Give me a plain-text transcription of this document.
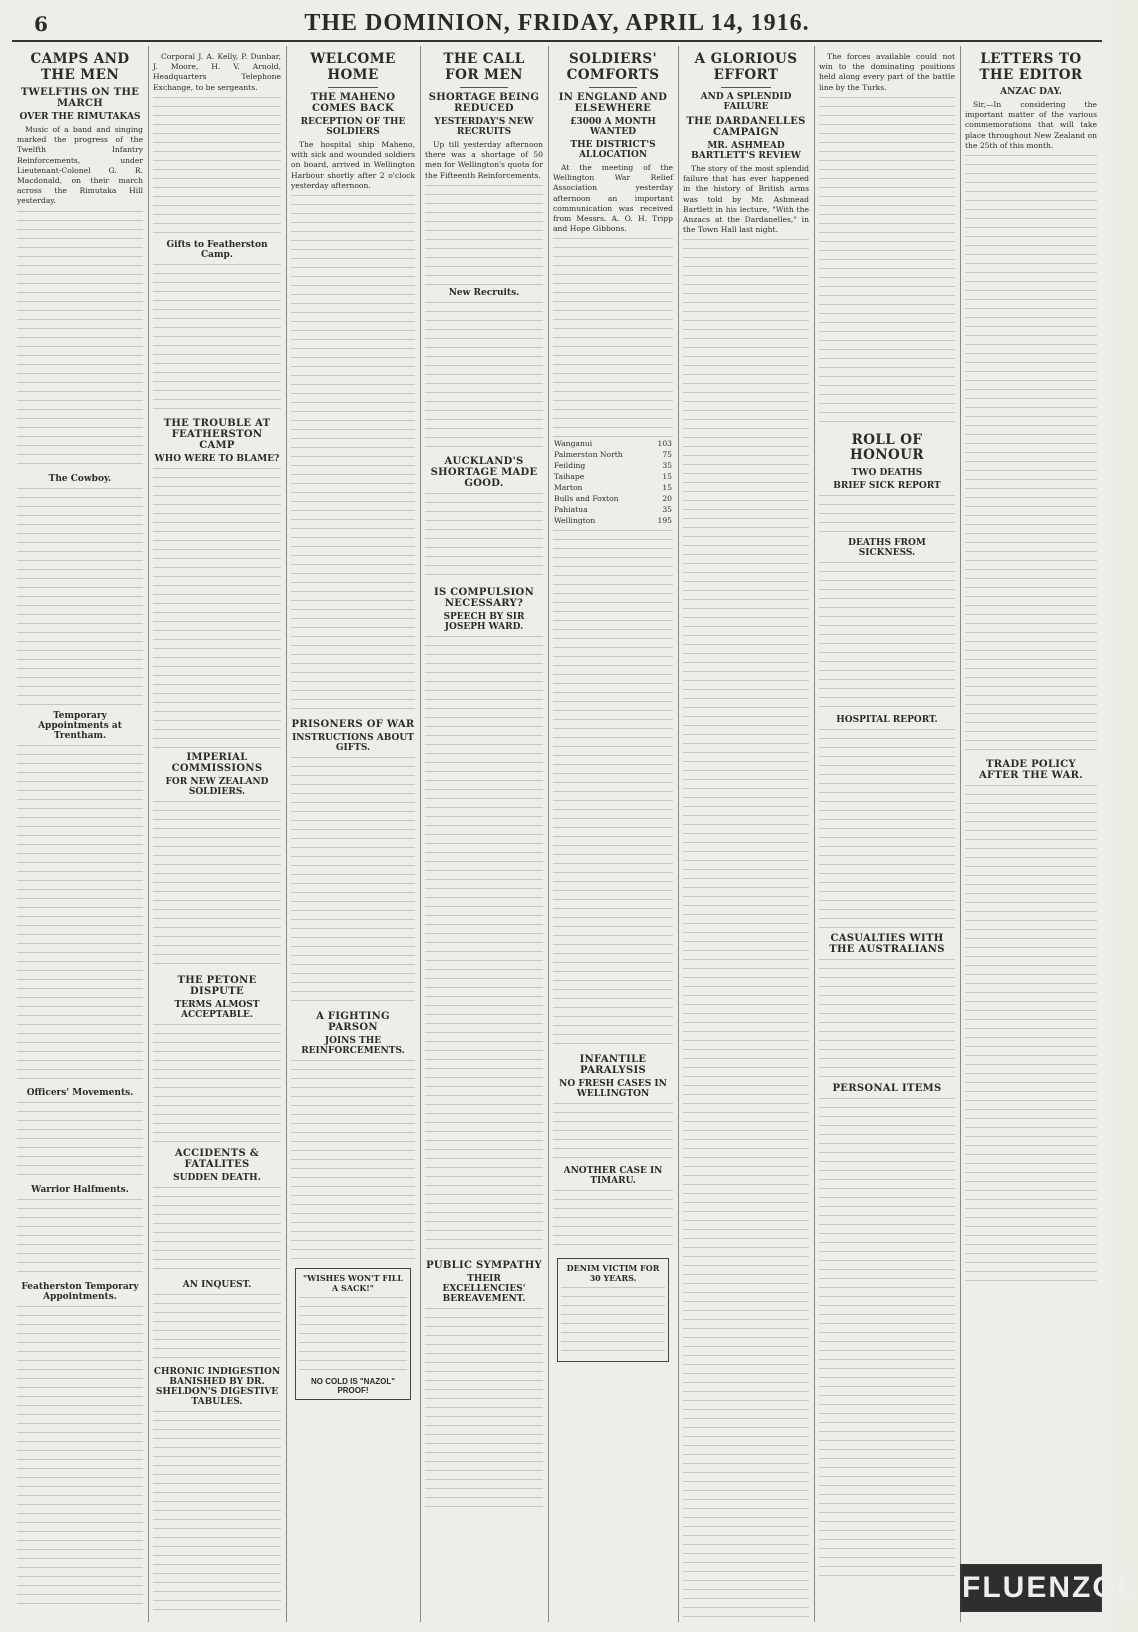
6	THE DOMINION, FRIDAY, APRIL 14, 1916.
CAMPS AND THE MEN
TWELFTHS ON THE MARCH
OVER THE RIMUTAKAS
Music of a band and singing marked the progress of the Twelfth Infantry Reinforcements, under Lieutenant-Colonel G. R. Macdonald, on their march across the Rimutaka Hill yesterday.
The Cowboy.
Temporary Appointments at Trentham.
Officers' Movements.
Warrior Halfments.
Featherston Temporary Appointments.
Corporal J. A. Kelly, P. Dunbar, J. Moore, H. V. Arnold, Headquarters Telephone Exchange, to be sergeants.
Gifts to Featherston Camp.
THE TROUBLE AT FEATHERSTON CAMP
WHO WERE TO BLAME?
IMPERIAL COMMISSIONS
FOR NEW ZEALAND SOLDIERS.
THE PETONE DISPUTE
TERMS ALMOST ACCEPTABLE.
ACCIDENTS & FATALITES
SUDDEN DEATH.
AN INQUEST.
CHRONIC INDIGESTION BANISHED BY DR. SHELDON'S DIGESTIVE TABULES.
WELCOME HOME
THE MAHENO COMES BACK
RECEPTION OF THE SOLDIERS
The hospital ship Maheno, with sick and wounded soldiers on board, arrived in Wellington Harbour shortly after 2 o'clock yesterday afternoon.
PRISONERS OF WAR
INSTRUCTIONS ABOUT GIFTS.
A FIGHTING PARSON
JOINS THE REINFORCEMENTS.
"WISHES WON'T FILL A SACK!"
NO COLD IS "NAZOL" PROOF!
THE CALL FOR MEN
SHORTAGE BEING REDUCED
YESTERDAY'S NEW RECRUITS
Up till yesterday afternoon there was a shortage of 50 men for Wellington's quota for the Fifteenth Reinforcements.
New Recruits.
AUCKLAND'S SHORTAGE MADE GOOD.
IS COMPULSION NECESSARY?
SPEECH BY SIR JOSEPH WARD.
PUBLIC SYMPATHY
THEIR EXCELLENCIES' BEREAVEMENT.
SOLDIERS' COMFORTS
IN ENGLAND AND ELSEWHERE
£3000 A MONTH WANTED
THE DISTRICT'S ALLOCATION
At the meeting of the Wellington War Relief Association yesterday afternoon an important communication was received from Messrs. A. O. H. Tripp and Hope Gibbons.
Wanganui	103
Palmerston North	75
Feilding	35
Taihape	15
Marton	15
Bulls and Foxton	20
Pahiatua	35
Wellington	195
INFANTILE PARALYSIS
NO FRESH CASES IN WELLINGTON
ANOTHER CASE IN TIMARU.
DENIM VICTIM FOR 30 YEARS.
A GLORIOUS EFFORT
AND A SPLENDID FAILURE
THE DARDANELLES CAMPAIGN
MR. ASHMEAD BARTLETT'S REVIEW
The story of the most splendid failure that has ever happened in the history of British arms was told by Mr. Ashmead Bartlett in his lecture, "With the Anzacs at the Dardanelles," in the Town Hall last night.
The forces available could not win to the dominating positions held along every part of the battle line by the Turks.
ROLL OF HONOUR
TWO DEATHS
BRIEF SICK REPORT
DEATHS FROM SICKNESS.
HOSPITAL REPORT.
CASUALTIES WITH THE AUSTRALIANS
PERSONAL ITEMS
LETTERS TO THE EDITOR
ANZAC DAY.
Sir,—In considering the important matter of the various commemorations that will take place throughout New Zealand on the 25th of this month.
TRADE POLICY AFTER THE WAR.
FLUENZOL
